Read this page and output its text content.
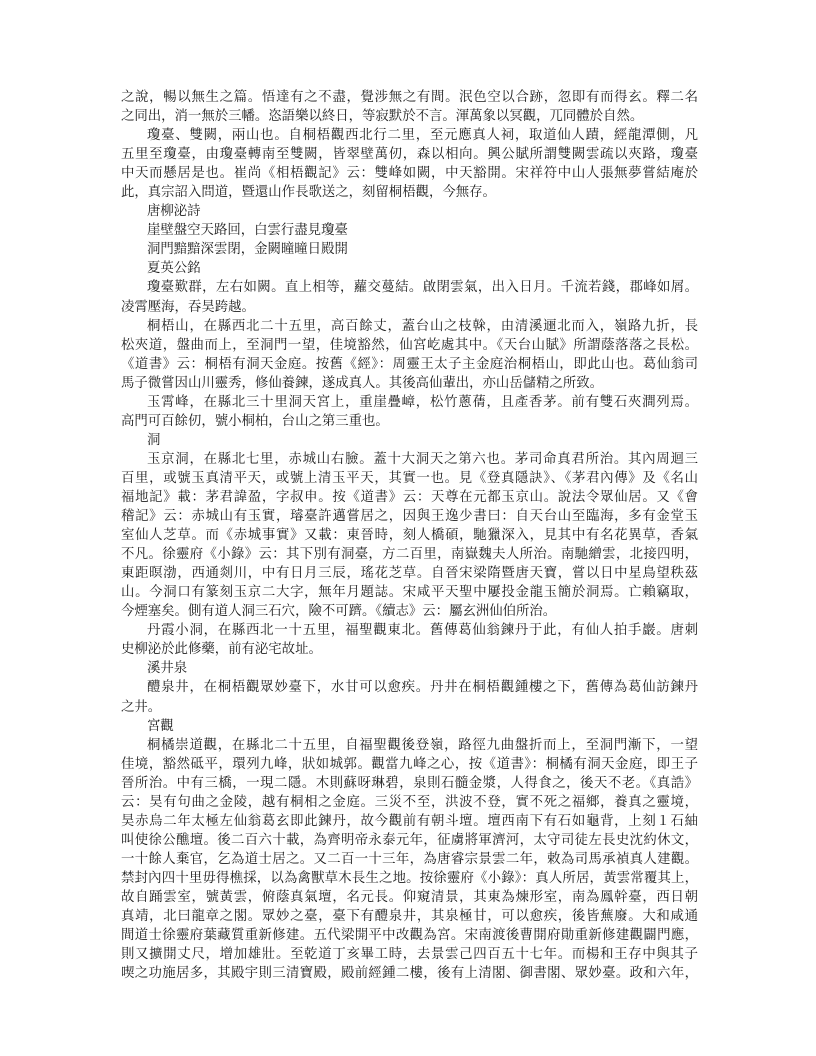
之說，暢以無生之篇。悟達有之不盡，覺涉無之有間。泯色空以合跡，忽即有而得玄。釋二名
之同出，消一無於三幡。恣語樂以終日，等寂默於不言。渾萬象以冥觀，兀同體於自然。
瓊臺、雙闕，兩山也。自桐梧觀西北行二里，至元應真人祠，取道仙人蹟，經龍潭側，凡
五里至瓊臺，由瓊臺轉南至雙闕，皆翠壁萬仞，森以相向。興公賦所謂雙闕雲疏以夾路，瓊臺
中天而懸居是也。崔尚《相梧觀記》云：雙峰如闕，中天豁開。宋祥符中山人張無夢嘗結庵於
此，真宗詔入問道，暨還山作長歌送之，刻留桐梧觀，今無存。
唐柳泌詩
崖壁盤空天路回，白雲行盡見瓊臺
洞門黯黯深雲閉，金闕曈曈日殿開
夏英公銘
瓊臺歎群，左右如闕。直上相等，蘿交蔓結。啟閉雲氣，出入日月。千流若錢，郡峰如屑。
凌霄壓海，吞昊跨越。
桐梧山，在縣西北二十五里，高百餘丈，蓋台山之枝榦，由清溪逦北而入，嶺路九折，長
松夾道，盤曲而上，至洞門一望，佳境豁然，仙宮屹處其中。《天台山賦》所謂蔭落落之長松。
《道書》云：桐梧有洞天金庭。按舊《經》：周靈王太子主金庭治桐梧山，即此山也。葛仙翁司
馬子微嘗因山川靈秀，修仙養鍊，遂成真人。其後高仙輩出，亦山岳儲精之所致。
玉霄峰，在縣北三十里洞天宮上，重崖疊嶂，松竹蔥蒨，且產香茅。前有雙石夾澗列焉。
高門可百餘仞，號小桐柏，台山之第三重也。
洞
玉京洞，在縣北七里，赤城山右臉。蓋十大洞天之第六也。茅司命真君所治。其內周迴三
百里，或號玉真清平天，或號上清玉平天，其實一也。見《登真隱訣》、《茅君內傳》及《名山
福地記》載：茅君諱盈，字叔申。按《道書》云：天尊在元都玉京山。說法令眾仙居。又《會
稽記》云：赤城山有玉實，璿臺許邁嘗居之，因與王逸少書曰：自天台山至臨海，多有金堂玉
室仙人芝草。而《赤城事實》又載：東晉時，刻人橋碩，馳獵深入，見其中有名花異草，香氣
不凡。徐靈府《小錄》云：其下別有洞臺，方二百里，南嶽魏夫人所治。南馳繒雲，北接四明，
東距暝渤，西通剡川，中有日月三辰，瑤花芝草。自晉宋梁隋暨唐天寶，嘗以日中星鳥望秩茲
山。今洞口有篆刻玉京二大字，無年月題誌。宋咸平天聖中屢投金龍玉簡於洞焉。亡賴竊取，
今煙塞矣。側有道人洞三石穴，險不可躋。《續志》云：屬玄洲仙伯所治。
丹霞小洞，在縣西北一十五里，福聖觀東北。舊傳葛仙翁鍊丹于此，有仙人拍手巖。唐刺
史柳泌於此修藥，前有泌宅故址。
溪井泉
醴泉井，在桐梧觀眾妙臺下，水甘可以愈疾。丹井在桐梧觀鍾樓之下，舊傳為葛仙訪鍊丹
之井。
宮觀
桐橘崇道觀，在縣北二十五里，自福聖觀後登嶺，路徑九曲盤折而上，至洞門漸下，一望
佳境，豁然砥平，環列九峰，狀如城郭。觀當九峰之心，按《道書》：桐橘有洞天金庭，即王子
晉所治。中有三橋，一現二隱。木則蘇呀琳碧，泉則石髓金漿，人得食之，後天不老。《真誥》
云：昊有句曲之金陵，越有桐相之金庭。三災不至，洪波不登，實不死之福鄉，養真之靈境，
昊赤烏二年太極左仙翁葛玄即此鍊丹，故今觀前有朝斗壇。壇西南下有石如龜背，上刻１石紬
叫使徐公醮壇。後二百六十載，為齊明帝永泰元年，征虜將軍濟河，太守司徒左長史沈約休文，
一十餘人棄官，乞為道士居之。又二百一十三年，為唐睿宗景雲二年，敕為司馬承禎真人建觀。
禁封內四十里毋得樵採，以為禽獸草木長生之地。按徐靈府《小錄》：真人所居，黃雲常覆其上，
故自踊雲室，號黃雲，俯蔭真氣壇，名元長。仰窺清景，其東為煉形室，南為鳳幹臺，西日朝
真靖，北曰龍章之閣。眾妙之臺，臺下有醴泉井，其泉極甘，可以愈疾，後皆蕪廢。大和咸通
間道士徐靈府葉藏質重新修建。五代梁開平中改觀為宮。宋南渡後曹開府勛重新修建觀闢門應，
則又擴開丈尺，增加雄壯。至乾道丁亥畢工時，去景雲己四百五十七年。而楊和王存中與其子
喫之功施居多，其殿宇則三清寶殿，殿前經鍾二樓，後有上清閣、御書閣、眾妙臺。政和六年，
